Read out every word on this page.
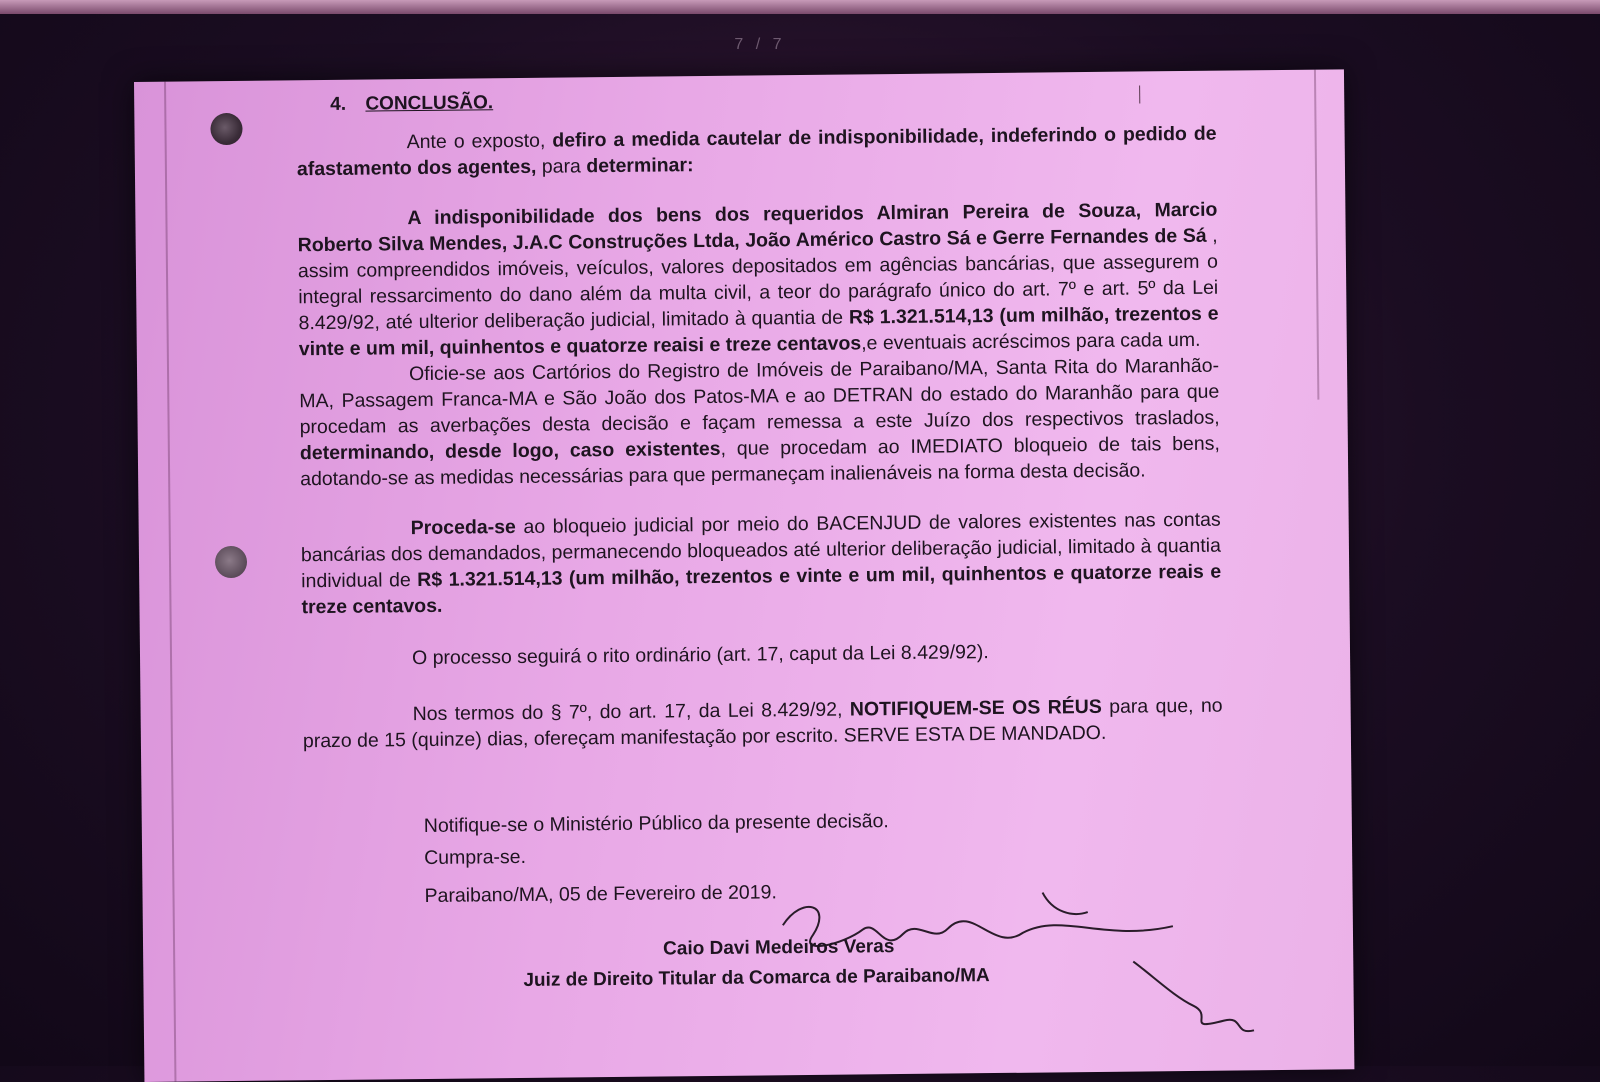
7 / 7
4. CONCLUSÃO.

Ante o exposto, defiro a medida cautelar de indisponibilidade, indeferindo o pedido de afastamento dos agentes, para determinar:

A indisponibilidade dos bens dos requeridos Almiran Pereira de Souza, Marcio Roberto Silva Mendes, J.A.C Construções Ltda, João Américo Castro Sá e Gerre Fernandes de Sá , assim compreendidos imóveis, veículos, valores depositados em agências bancárias, que assegurem o integral ressarcimento do dano além da multa civil, a teor do parágrafo único do art. 7º e art. 5º da Lei 8.429/92, até ulterior deliberação judicial, limitado à quantia de R$ 1.321.514,13 (um milhão, trezentos e vinte e um mil, quinhentos e quatorze reaisi e treze centavos,e eventuais acréscimos para cada um.

Oficie-se aos Cartórios do Registro de Imóveis de Paraibano/MA, Santa Rita do Maranhão-MA, Passagem Franca-MA e São João dos Patos-MA e ao DETRAN do estado do Maranhão para que procedam as averbações desta decisão e façam remessa a este Juízo dos respectivos traslados, determinando, desde logo, caso existentes, que procedam ao IMEDIATO bloqueio de tais bens, adotando-se as medidas necessárias para que permaneçam inalienáveis na forma desta decisão.

Proceda-se ao bloqueio judicial por meio do BACENJUD de valores existentes nas contas bancárias dos demandados, permanecendo bloqueados até ulterior deliberação judicial, limitado à quantia individual de R$ 1.321.514,13 (um milhão, trezentos e vinte e um mil, quinhentos e quatorze reais e treze centavos.

O processo seguirá o rito ordinário (art. 17, caput da Lei 8.429/92).

Nos termos do § 7º, do art. 17, da Lei 8.429/92, NOTIFIQUEM-SE OS RÉUS para que, no prazo de 15 (quinze) dias, ofereçam manifestação por escrito. SERVE ESTA DE MANDADO.

Notifique-se o Ministério Público da presente decisão.
Cumpra-se.
Paraibano/MA, 05 de Fevereiro de 2019.
Caio Davi Medeiros Veras
Juiz de Direito Titular da Comarca de Paraibano/MA
